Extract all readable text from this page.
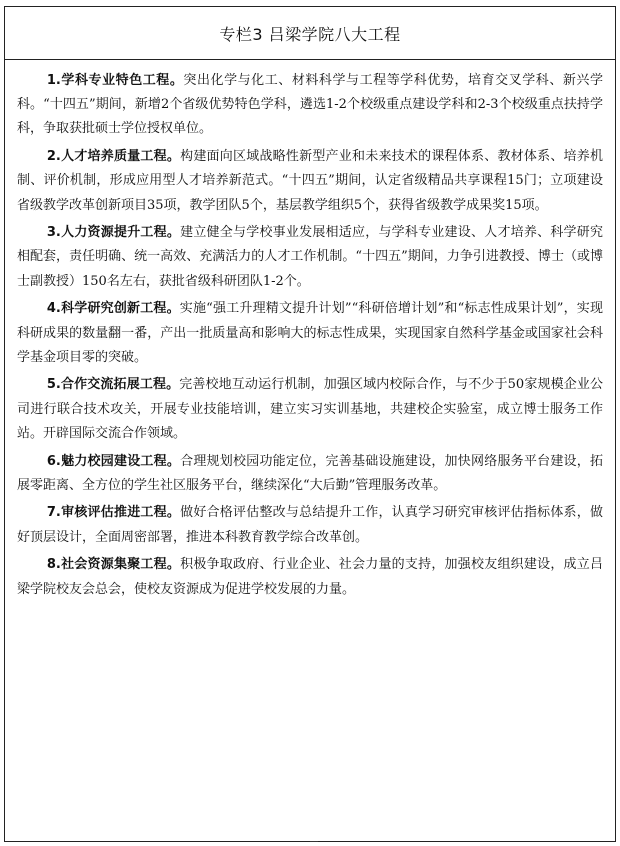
专栏3 吕梁学院八大工程

1.学科专业特色工程。突出化学与化工、材料科学与工程等学科优势，培育交叉学科、新兴学科。“十四五”期间，新增2个省级优势特色学科，遴选1-2个校级重点建设学科和2-3个校级重点扶持学科，争取获批硕士学位授权单位。

2.人才培养质量工程。构建面向区域战略性新型产业和未来技术的课程体系、教材体系、培养机制、评价机制，形成应用型人才培养新范式。“十四五”期间，认定省级精品共享课程15门；立项建设省级教学改革创新项目35项，教学团队5个，基层教学组织5个，获得省级教学成果奖15项。

3.人力资源提升工程。建立健全与学校事业发展相适应，与学科专业建设、人才培养、科学研究相配套，责任明确、统一高效、充满活力的人才工作机制。“十四五”期间，力争引进教授、博士（或博士副教授）150名左右，获批省级科研团队1-2个。

4.科学研究创新工程。实施“强工升理精文提升计划”“科研倍增计划”和“标志性成果计划”，实现科研成果的数量翻一番，产出一批质量高和影响大的标志性成果，实现国家自然科学基金或国家社会科学基金项目零的突破。

5.合作交流拓展工程。完善校地互动运行机制，加强区域内校际合作，与不少于50家规模企业公司进行联合技术攻关，开展专业技能培训，建立实习实训基地，共建校企实验室，成立博士服务工作站。开辟国际交流合作领域。

6.魅力校园建设工程。合理规划校园功能定位，完善基础设施建设，加快网络服务平台建设，拓展零距离、全方位的学生社区服务平台，继续深化“大后勤”管理服务改革。

7.审核评估推进工程。做好合格评估整改与总结提升工作，认真学习研究审核评估指标体系，做好顶层设计，全面周密部署，推进本科教育教学综合改革创。

8.社会资源集聚工程。积极争取政府、行业企业、社会力量的支持，加强校友组织建设，成立吕梁学院校友会总会，使校友资源成为促进学校发展的力量。
